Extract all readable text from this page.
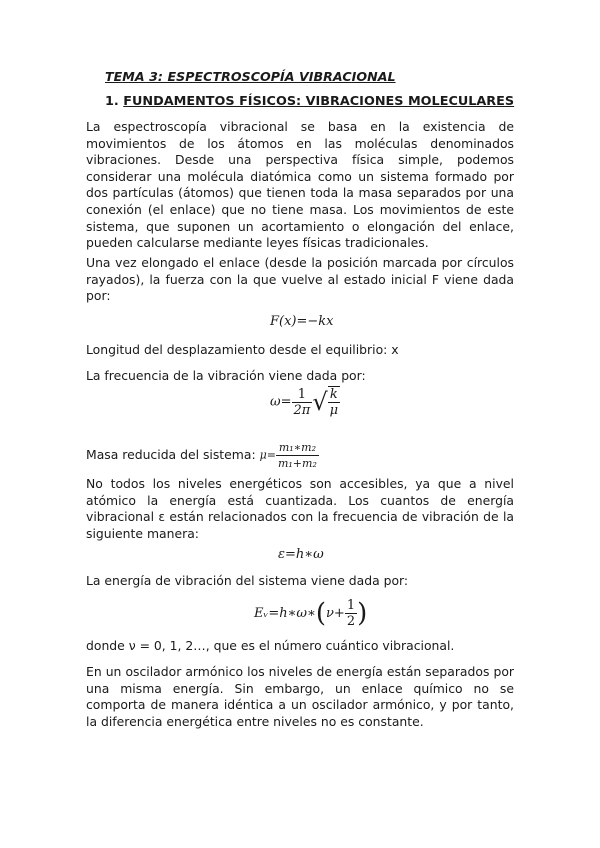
TEMA 3: ESPECTROSCOPÍA VIBRACIONAL
1. FUNDAMENTOS FÍSICOS: VIBRACIONES MOLECULARES

La espectroscopía vibracional se basa en la existencia de movimientos de los átomos en las moléculas denominados vibraciones. Desde una perspectiva física simple, podemos considerar una molécula diatómica como un sistema formado por dos partículas (átomos) que tienen toda la masa separados por una conexión (el enlace) que no tiene masa. Los movimientos de este sistema, que suponen un acortamiento o elongación del enlace, pueden calcularse mediante leyes físicas tradicionales.

Una vez elongado el enlace (desde la posición marcada por círculos rayados), la fuerza con la que vuelve al estado inicial F viene dada por:

F(x)=−kx
Longitud del desplazamiento desde el equilibrio: x
La frecuencia de la vibración viene dada por:
$\omega= \frac{1}{2\pi}$ √ $\frac{k}{\mu}$
Masa reducida del sistema: $\mu= \frac{\text{m₁∗m₂}}{\text{m₁+m₂}}$

No todos los niveles energéticos son accesibles, ya que a nivel atómico la energía está cuantizada. Los cuantos de energía vibracional ε están relacionados con la frecuencia de vibración de la siguiente manera:

ε=h∗ω
La energía de vibración del sistema viene dada por:
Eᵥ=h∗ω∗(ν+ $\frac{1}{2}$ )
donde ν = 0, 1, 2…, que es el número cuántico vibracional.

En un oscilador armónico los niveles de energía están separados por una misma energía. Sin embargo, un enlace químico no se comporta de manera idéntica a un oscilador armónico, y por tanto, la diferencia energética entre niveles no es constante.
